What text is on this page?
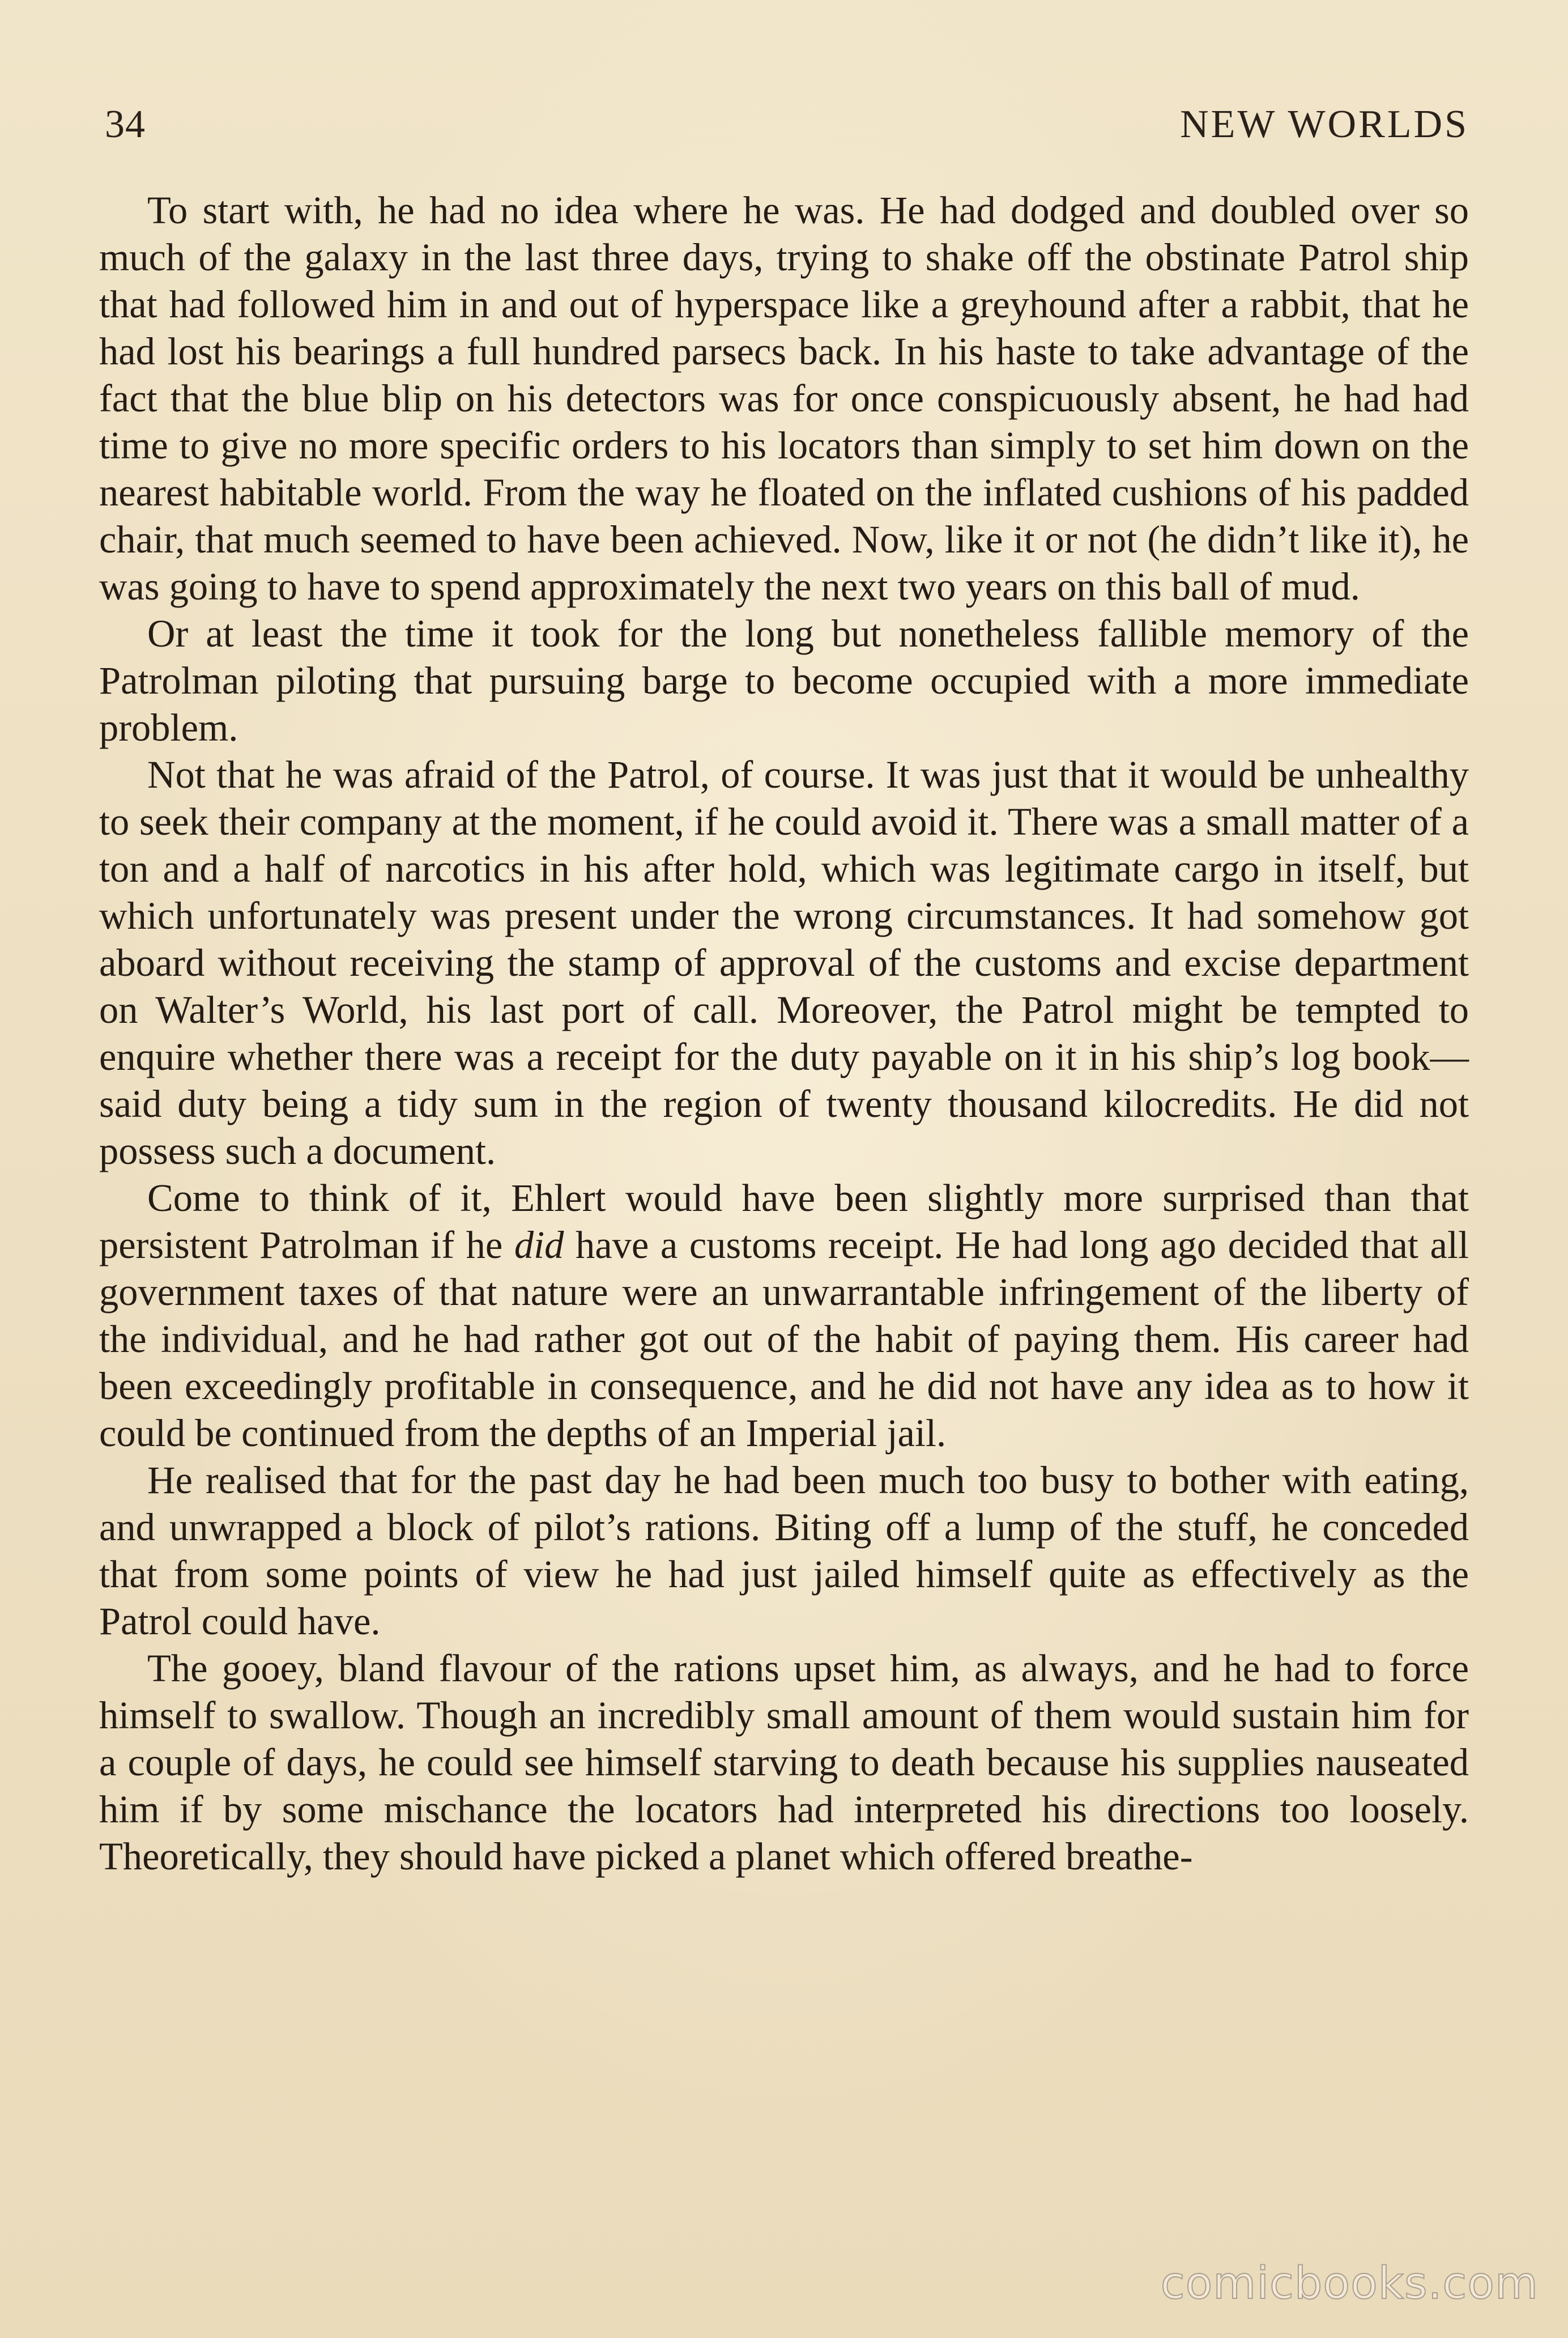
34	NEW WORLDS

To start with, he had no idea where he was. He had dodged and doubled over so much of the galaxy in the last three days, trying to shake off the obstinate Patrol ship that had followed him in and out of hyperspace like a greyhound after a rabbit, that he had lost his bearings a full hundred parsecs back. In his haste to take advantage of the fact that the blue blip on his detectors was for once conspicuously absent, he had had time to give no more specific orders to his locators than simply to set him down on the nearest habitable world. From the way he floated on the inflated cushions of his padded chair, that much seemed to have been achieved. Now, like it or not (he didn’t like it), he was going to have to spend approximately the next two years on this ball of mud.

Or at least the time it took for the long but nonetheless fallible memory of the Patrolman piloting that pursuing barge to become occupied with a more immediate problem.

Not that he was afraid of the Patrol, of course. It was just that it would be unhealthy to seek their company at the moment, if he could avoid it. There was a small matter of a ton and a half of narcotics in his after hold, which was legitimate cargo in itself, but which unfortunately was present under the wrong circumstances. It had somehow got aboard without receiving the stamp of approval of the customs and excise department on Walter’s World, his last port of call. Moreover, the Patrol might be tempted to enquire whether there was a receipt for the duty payable on it in his ship’s log book—said duty being a tidy sum in the region of twenty thousand kilocredits. He did not possess such a document.

Come to think of it, Ehlert would have been slightly more surprised than that persistent Patrolman if he did have a customs receipt. He had long ago decided that all government taxes of that nature were an unwarrantable infringement of the liberty of the individual, and he had rather got out of the habit of paying them. His career had been exceedingly profitable in consequence, and he did not have any idea as to how it could be continued from the depths of an Imperial jail.

He realised that for the past day he had been much too busy to bother with eating, and unwrapped a block of pilot’s rations. Biting off a lump of the stuff, he conceded that from some points of view he had just jailed himself quite as effectively as the Patrol could have.

The gooey, bland flavour of the rations upset him, as always, and he had to force himself to swallow. Though an incredibly small amount of them would sustain him for a couple of days, he could see himself starving to death because his supplies nauseated him if by some mischance the locators had interpreted his directions too loosely. Theoretically, they should have picked a planet which offered breathe-

comicbooks.com
